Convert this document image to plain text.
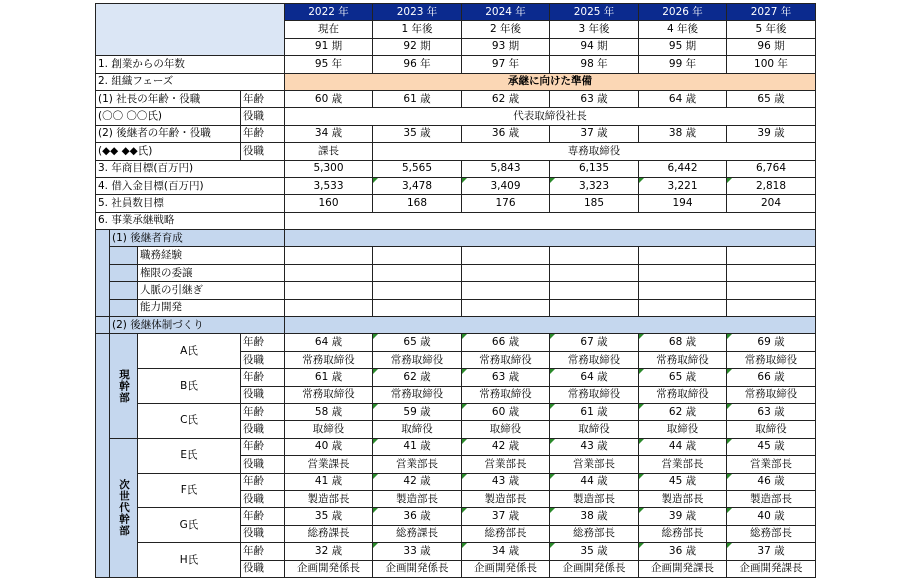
				2022 年	2023 年	2024 年	2025 年	2026 年	2027 年
				現在	1 年後	2 年後	3 年後	4 年後	5 年後
				91 期	92 期	93 期	94 期	95 期	96 期
1. 創業からの年数				95 年	96 年	97 年	98 年	99 年	100 年
2. 組織フェーズ				承継に向けた準備					
(1) 社長の年齢・役職			年齢	60 歳	61 歳	62 歳	63 歳	64 歳	65 歳
(〇〇 〇〇氏)			役職	代表取締役社長					
(2) 後継者の年齢・役職			年齢	34 歳	35 歳	36 歳	37 歳	38 歳	39 歳
(◆◆ ◆◆氏)			役職	課長	専務取締役				
3. 年商目標(百万円)				5,300	5,565	5,843	6,135	6,442	6,764
4. 借入金目標(百万円)				3,533	3,478	3,409	3,323	3,221	2,818
5. 社員数目標				160	168	176	185	194	204
6. 事業承継戦略									
	(1) 後継者育成								
		職務経験							
		権限の委譲							
		人脈の引継ぎ							
		能力開発							
	(2) 後継体制づくり								
	現幹部	A氏	年齢	64 歳	65 歳	66 歳	67 歳	68 歳	69 歳
			役職	常務取締役	常務取締役	常務取締役	常務取締役	常務取締役	常務取締役
		B氏	年齢	61 歳	62 歳	63 歳	64 歳	65 歳	66 歳
			役職	常務取締役	常務取締役	常務取締役	常務取締役	常務取締役	常務取締役
		C氏	年齢	58 歳	59 歳	60 歳	61 歳	62 歳	63 歳
			役職	取締役	取締役	取締役	取締役	取締役	取締役
	次世代幹部	E氏	年齢	40 歳	41 歳	42 歳	43 歳	44 歳	45 歳
			役職	営業課長	営業部長	営業部長	営業部長	営業部長	営業部長
		F氏	年齢	41 歳	42 歳	43 歳	44 歳	45 歳	46 歳
			役職	製造部長	製造部長	製造部長	製造部長	製造部長	製造部長
		G氏	年齢	35 歳	36 歳	37 歳	38 歳	39 歳	40 歳
			役職	総務課長	総務課長	総務部長	総務部長	総務部長	総務部長
		H氏	年齢	32 歳	33 歳	34 歳	35 歳	36 歳	37 歳
			役職	企画開発係長	企画開発係長	企画開発係長	企画開発係長	企画開発課長	企画開発課長
